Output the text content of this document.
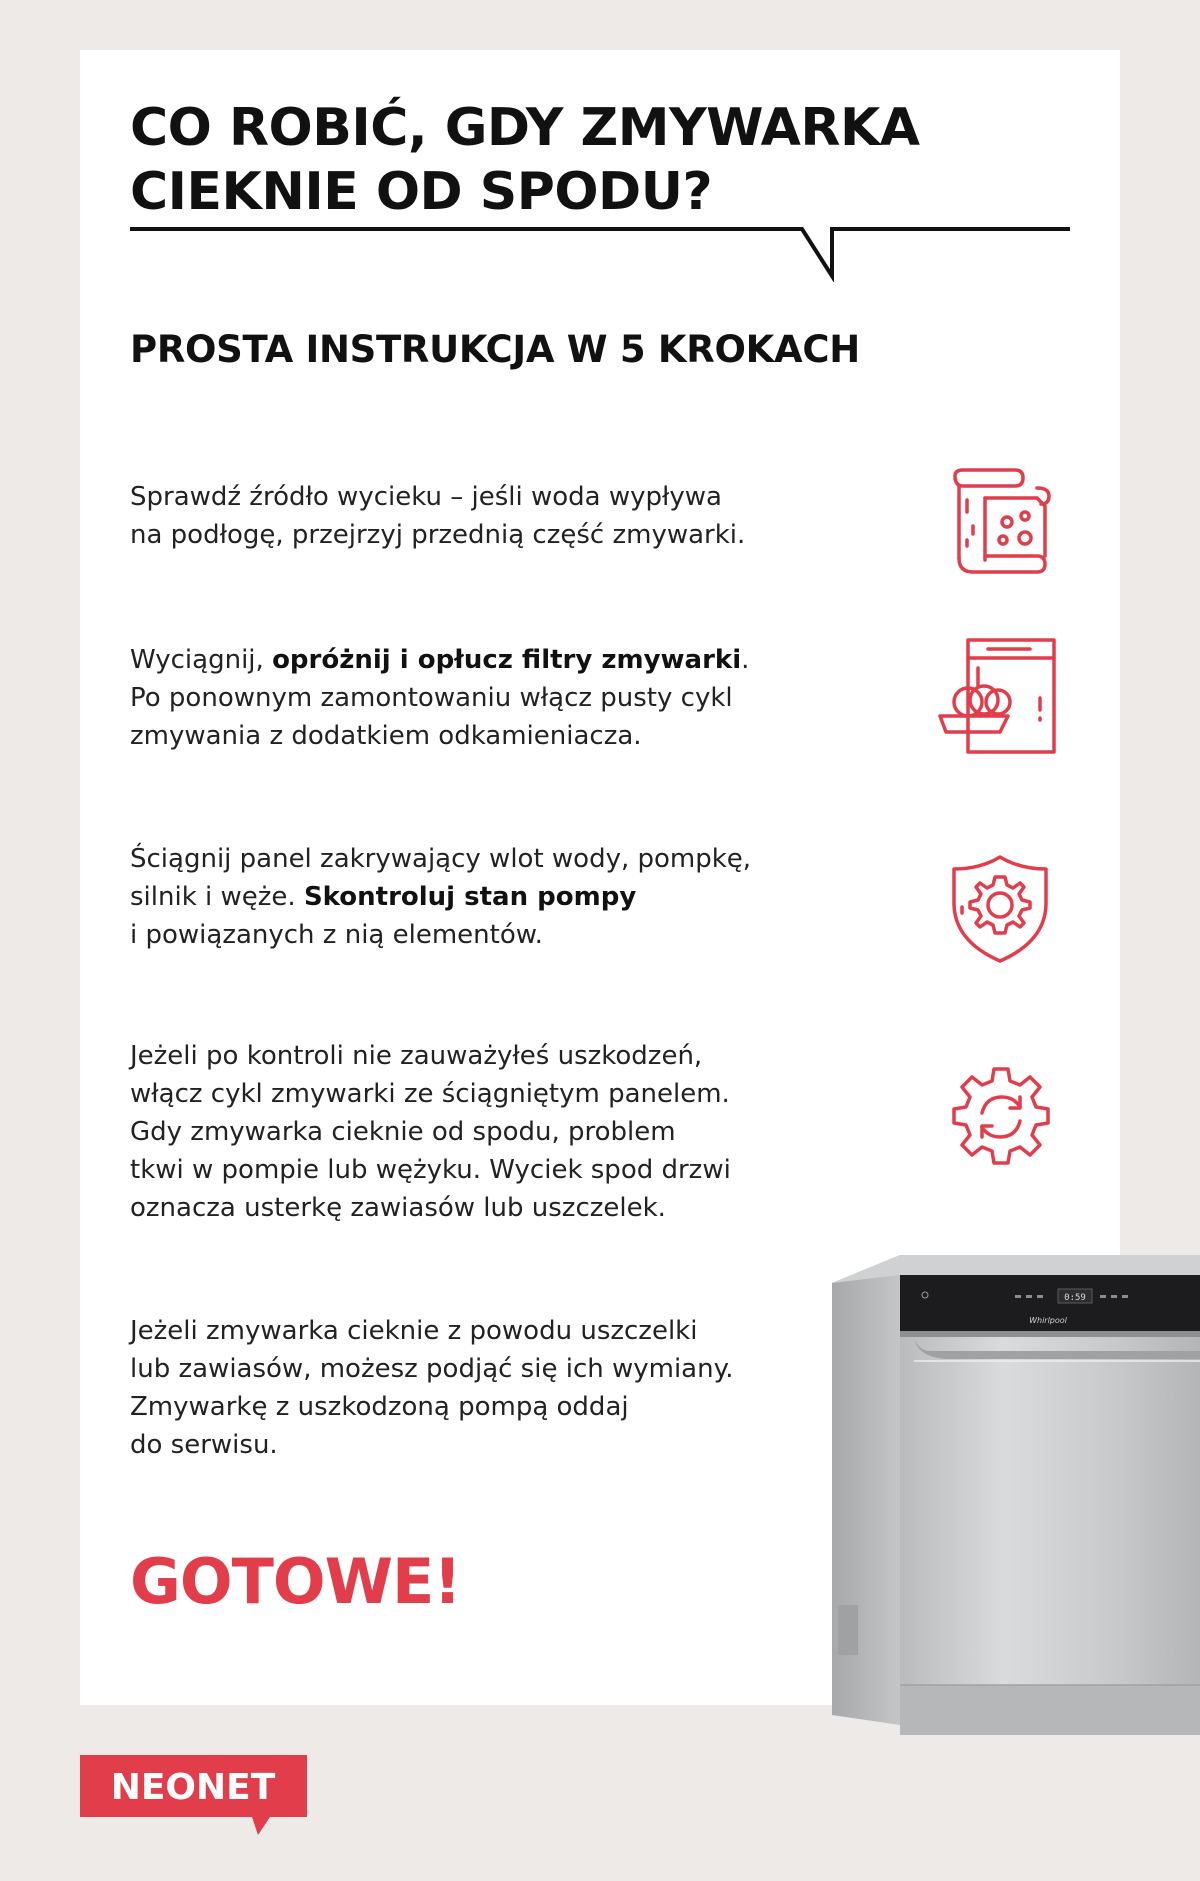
CO ROBIĆ, GDY ZMYWARKA
CIEKNIE OD SPODU?
PROSTA INSTRUKCJA W 5 KROKACH
Sprawdź źródło wycieku – jeśli woda wypływa
na podłogę, przejrzyj przednią część zmywarki.
Wyciągnij, opróżnij i opłucz filtry zmywarki.
Po ponownym zamontowaniu włącz pusty cykl
zmywania z dodatkiem odkamieniacza.
Ściągnij panel zakrywający wlot wody, pompkę,
silnik i węże. Skontroluj stan pompy
i powiązanych z nią elementów.
Jeżeli po kontroli nie zauważyłeś uszkodzeń,
włącz cykl zmywarki ze ściągniętym panelem.
Gdy zmywarka cieknie od spodu, problem
tkwi w pompie lub wężyku. Wyciek spod drzwi
oznacza usterkę zawiasów lub uszczelek.
Jeżeli zmywarka cieknie z powodu uszczelki
lub zawiasów, możesz podjąć się ich wymiany.
Zmywarkę z uszkodzoną pompą oddaj
do serwisu.
GOTOWE!
0:59
Whirlpool
NEONET
